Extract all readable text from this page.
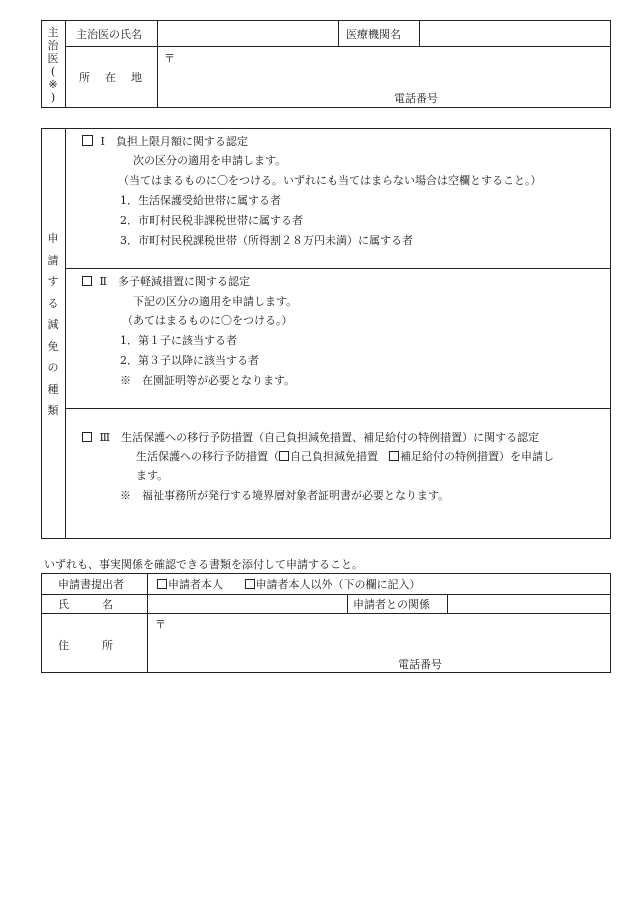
主
治
医
(
※
)
主治医の氏名	医療機関名
所　在　地
〒
電話番号
申
請
す
る
減
免
の
種
類
Ⅰ　負担上限月額に関する認定
次の区分の適用を申請します。
（当てはまるものに〇をつける。いずれにも当てはまらない場合は空欄とすること。）
1．生活保護受給世帯に属する者
2．市町村民税非課税世帯に属する者
3．市町村民税課税世帯（所得割２８万円未満）に属する者
Ⅱ　多子軽減措置に関する認定
下記の区分の適用を申請します。
（あてはまるものに〇をつける。）
1．第１子に該当する者
2．第３子以降に該当する者
※　在園証明等が必要となります。
Ⅲ　生活保護への移行予防措置（自己負担減免措置、補足給付の特例措置）に関する認定
生活保護への移行予防措置（ 自己負担減免措置　補足給付の特例措置）を申請し
ます。
※　福祉事務所が発行する境界層対象者証明書が必要となります。
いずれも、事実関係を確認できる書類を添付して申請すること。
申請書提出者	申請者本人	申請者本人以外（下の欄に記入）
氏　　　名	申請者との関係
住　　　所
〒
電話番号
